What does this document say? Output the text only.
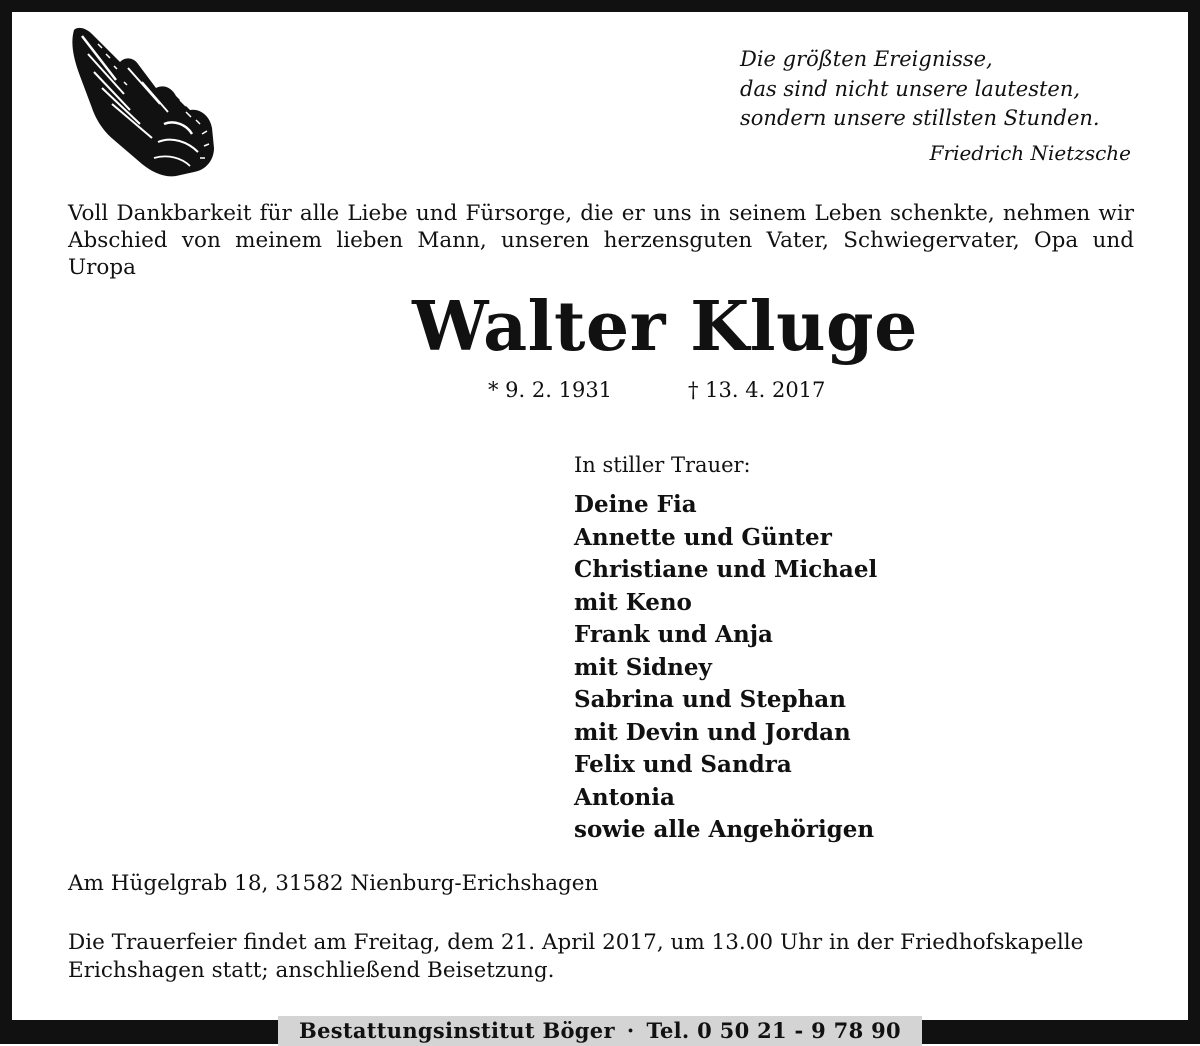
Die größten Ereignisse,
das sind nicht unsere lautesten,
sondern unsere stillsten Stunden.
Friedrich Nietzsche
Voll Dankbarkeit für alle Liebe und Fürsorge, die er uns in seinem Leben schenkte, nehmen wir Abschied von meinem lieben Mann, unseren herzensguten Vater, Schwiegervater, Opa und Uropa
Walter Kluge
* 9. 2. 1931	† 13. 4. 2017
In stiller Trauer:
Deine Fia
Annette und Günter
Christiane und Michael
mit Keno
Frank und Anja
mit Sidney
Sabrina und Stephan
mit Devin und Jordan
Felix und Sandra
Antonia
sowie alle Angehörigen
Am Hügelgrab 18, 31582 Nienburg-Erichshagen
Die Trauerfeier findet am Freitag, dem 21. April 2017, um 13.00 Uhr in der Friedhofskapelle Erichshagen statt; anschließend Beisetzung.
Bestattungsinstitut Böger · Tel. 0 50 21 - 9 78 90
